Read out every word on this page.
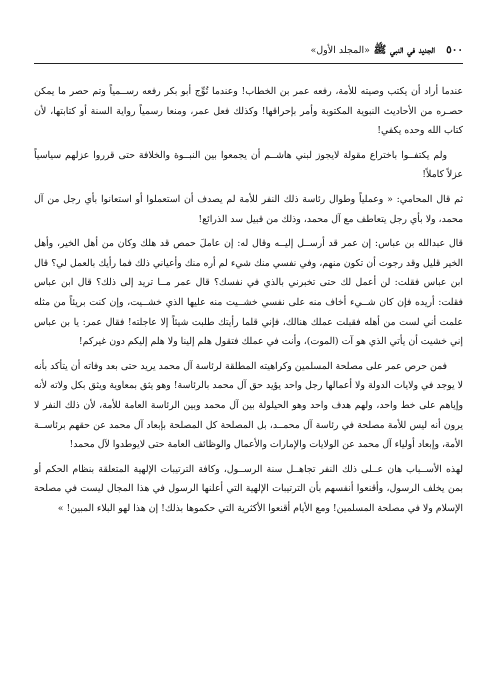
٥٠٠
الجديد في النبي ﷺ «المجلد الأول»

عندما أراد أن يكتب وصيته للأمة، رفعه عمر بن الخطاب! وعندما تُوِّج أبو بكر رفعه رســمياً وتم حصر ما يمكن حصـره من الأحاديث النبوية المكتوبة وأمر بإحراقها! وكذلك فعل عمر، ومنعا رسمياً رواية السنة أو كتابتها، لأن كتاب الله وحده يكفي!

ولم يكتفــوا باختراع مقولة لايجوز لبني هاشــم أن يجمعوا بين النبــوة والخلافة حتى قرروا عزلهم سياسياً عزلاً كاملاً!

ثم قال المحامي: « وعملياً وطوال رئاسة ذلك النفر للأمة لم يصدف أن استعملوا أو استعانوا بأي رجل من آل محمد، ولا بأي رجل يتعاطف مع آل محمد، وذلك من قبيل سد الذرائع!

قال عبدالله بن عباس: إن عمر قد أرســل إليــه وقال له: إن عاملَ حمص قد هلك وكان من أهل الخير، وأهل الخير قليل وقد رجوت أن تكون منهم، وفي نفسي منك شيء لم أره منك وأعياني ذلك فما رأيك بالعمل لي؟ قال ابن عباس فقلت: لن أعمل لك حتى تخبرني بالذي في نفسك؟ قال عمر مــا تريد إلى ذلك؟ قال ابن عباس فقلت: أريده فإن كان شــيء أخاف منه على نفسي خشــيت منه عليها الذي خشــيت، وإن كنت بريئاً من مثله علمت أني لست من أهله فقبلت عملك هنالك، فإني قلما رأيتك طلبت شيئاً إلا عاجلته! فقال عمر: يا بن عباس إني خشيت أن يأتي الذي هو آت (الموت)، وأنت في عملك فتقول هلم إلينا ولا هلم إليكم دون غيركم!

فمن حرص عمر على مصلحة المسلمين وكراهيته المطلقة لرئاسة آل محمد يريد حتى بعد وفاته أن يتأكد بأنه لا يوجد في ولايات الدولة ولا أعمالها رجل واحد يؤيد حق آل محمد بالرئاسة! وهو يثق بمعاوية ويثق بكل ولاته لأنه وإياهم على خط واحد، ولهم هدف واحد وهو الحيلولة بين آل محمد وبين الرئاسة العامة للأمة، لأن ذلك النفر لا يرون أنه ليس للأمة مصلحة في رئاسة آل محمــد، بل المصلحة كل المصلحة بإبعاد آل محمد عن حقهم برئاســة الأمة، وإبعاد أولياء آل محمد عن الولايات والإمارات والأعمال والوظائف العامة حتى لايوطدوا لآل محمد!

لهذه الأســباب هان عــلى ذلك النفر تجاهــل سنة الرســول، وكافة الترتيبات الإلهية المتعلقة بنظام الحكم أو بمن يخلف الرسول، وأقنعوا أنفسهم بأن الترتيبات الإلهية التي أعلنها الرسول في هذا المجال ليست في مصلحة الإسلام ولا في مصلحة المسلمين! ومع الأيام أقنعوا الأكثرية التي حكموها بذلك! إن هذا لهو البلاء المبين! »
